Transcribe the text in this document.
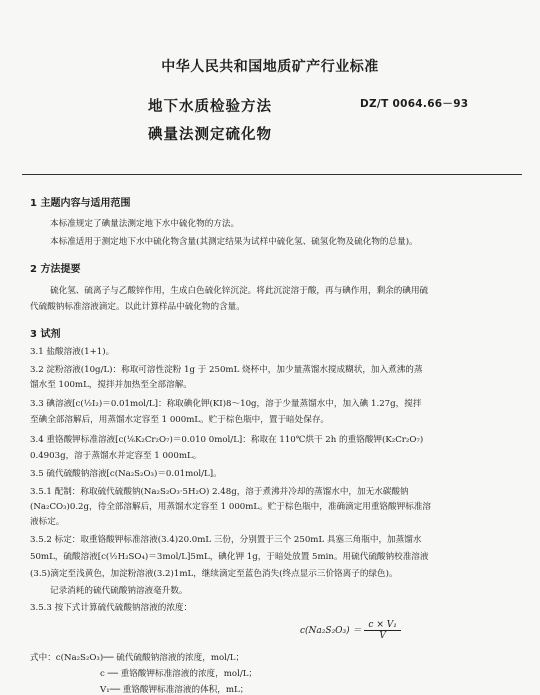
中华人民共和国地质矿产行业标准
地下水质检验方法
碘量法测定硫化物
DZ/T 0064.66－93
1 主题内容与适用范围
本标准规定了碘量法测定地下水中硫化物的方法。
本标准适用于测定地下水中硫化物含量(其测定结果为试样中硫化氢、硫氢化物及硫化物的总量)。
2 方法提要
硫化氢、硫离子与乙酸锌作用，生成白色硫化锌沉淀。将此沉淀溶于酸，再与碘作用，剩余的碘用硫
代硫酸钠标准溶液滴定。以此计算样品中硫化物的含量。
3 试剂
3.1 盐酸溶液(1+1)。
3.2 淀粉溶液(10g/L)：称取可溶性淀粉 1g 于 250mL 烧杯中，加少量蒸馏水搅成糊状，加入煮沸的蒸
馏水至 100mL，搅拌并加热至全部溶解。
3.3 碘溶液[c(½I₂)＝0.01mol/L]：称取碘化钾(KI)8～10g，溶于少量蒸馏水中，加入碘 1.27g，搅拌
至碘全部溶解后，用蒸馏水定容至 1 000mL。贮于棕色瓶中，置于暗处保存。
3.4 重铬酸钾标准溶液[c(⅙K₂Cr₂O₇)＝0.010 0mol/L]：称取在 110℃烘干 2h 的重铬酸钾(K₂Cr₂O₇)
0.4903g，溶于蒸馏水并定容至 1 000mL。
3.5 硫代硫酸钠溶液[c(Na₂S₂O₃)＝0.01mol/L]。
3.5.1 配制：称取硫代硫酸钠(Na₂S₂O₃·5H₂O) 2.48g，溶于煮沸并冷却的蒸馏水中，加无水碳酸钠
(Na₂CO₃)0.2g，待全部溶解后，用蒸馏水定容至 1 000mL。贮于棕色瓶中，准确滴定用重铬酸钾标准溶
液标定。
3.5.2 标定：取重铬酸钾标准溶液(3.4)20.0mL 三份，分别置于三个 250mL 具塞三角瓶中，加蒸馏水
50mL，硫酸溶液[c(½H₂SO₄)＝3mol/L]5mL，碘化钾 1g，于暗处放置 5min。用硫代硫酸钠校准溶液
(3.5)滴定至浅黄色，加淀粉溶液(3.2)1mL，继续滴定至蓝色消失(终点显示三价铬离子的绿色)。
记录消耗的硫代硫酸钠溶液毫升数。
3.5.3 按下式计算硫代硫酸钠溶液的浓度：
$c(Na_2S_2O_3) = \frac{\text{c × V₁}}{V}$
式中：c(Na₂S₂O₃)── 硫代硫酸钠溶液的浓度，mol/L；
c ── 重铬酸钾标准溶液的浓度，mol/L；
V₁── 重铬酸钾标准溶液的体积，mL；
